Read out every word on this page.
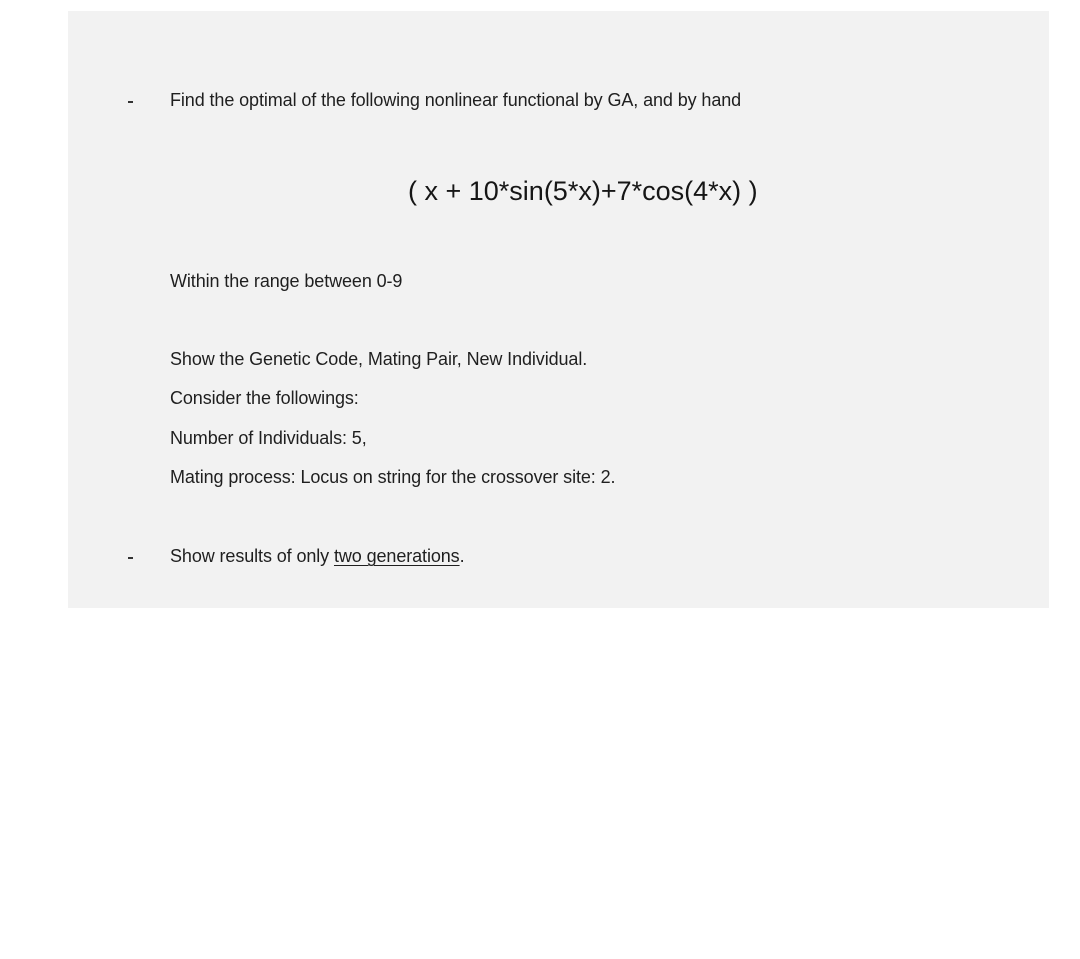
Find the optimal of the following nonlinear functional by GA, and by hand
( x + 10*sin(5*x)+7*cos(4*x) )
Within the range between 0-9
Show the Genetic Code, Mating Pair, New Individual.
Consider the followings:
Number of Individuals: 5,
Mating process: Locus on string for the crossover site: 2.
Show results of only two generations.
